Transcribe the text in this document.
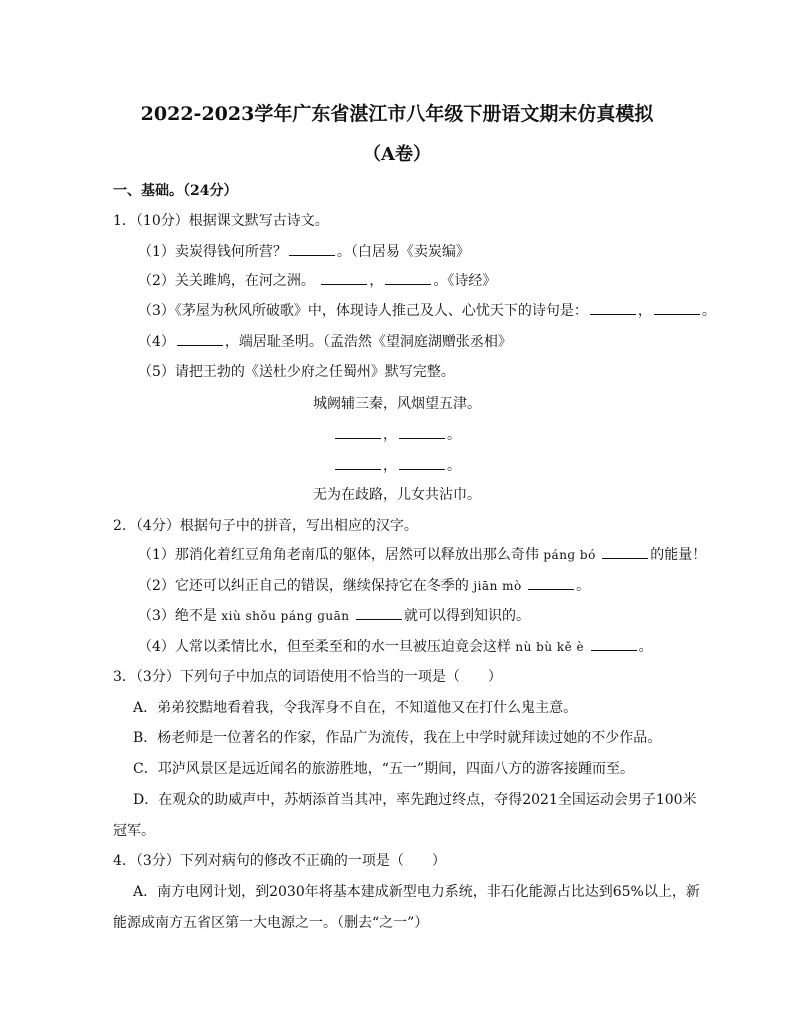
2022-2023学年广东省湛江市八年级下册语文期末仿真模拟
（A卷）
一、基础。（24分）
1．（10分）根据课文默写古诗文。
（1）卖炭得钱何所营？	。（白居易《卖炭编》
（2）关关雎鸠，在河之洲。	，	。《诗经》
（3）《茅屋为秋风所破歌》中，体现诗人推己及人、心忧天下的诗句是：	，	。
（4）	，端居耻圣明。（孟浩然《望洞庭湖赠张丞相》
（5）请把王勃的《送杜少府之任蜀州》默写完整。
城阙辅三秦，风烟望五津。
，	。
，	。
无为在歧路，儿女共沾巾。
2．（4分）根据句子中的拼音，写出相应的汉字。
（1）那消化着红豆角角老南瓜的躯体，居然可以释放出那么奇伟 pánɡ bó	的能量！
（2）它还可以纠正自己的错误，继续保持它在冬季的 jiān mò	。
（3）绝不是 xiù shǒu pánɡ ɡuān	就可以得到知识的。
（4）人常以柔情比水，但至柔至和的水一旦被压迫竟会这样 nù bù kě è	。
3．（3分）下列句子中加点的词语使用不恰当的一项是（　　）
A．弟弟狡黠地看着我，令我浑身不自在，不知道他又在打什么鬼主意。
B．杨老师是一位著名的作家，作品广为流传，我在上中学时就拜读过她的不少作品。
C．邛泸风景区是远近闻名的旅游胜地，“五一”期间，四面八方的游客接踵而至。
D．在观众的助威声中，苏炳添首当其冲，率先跑过终点，夺得2021全国运动会男子100米
冠军。
4．（3分）下列对病句的修改不正确的一项是（　　）
A．南方电网计划，到2030年将基本建成新型电力系统，非石化能源占比达到65%以上，新
能源成南方五省区第一大电源之一。（删去“之一”）
